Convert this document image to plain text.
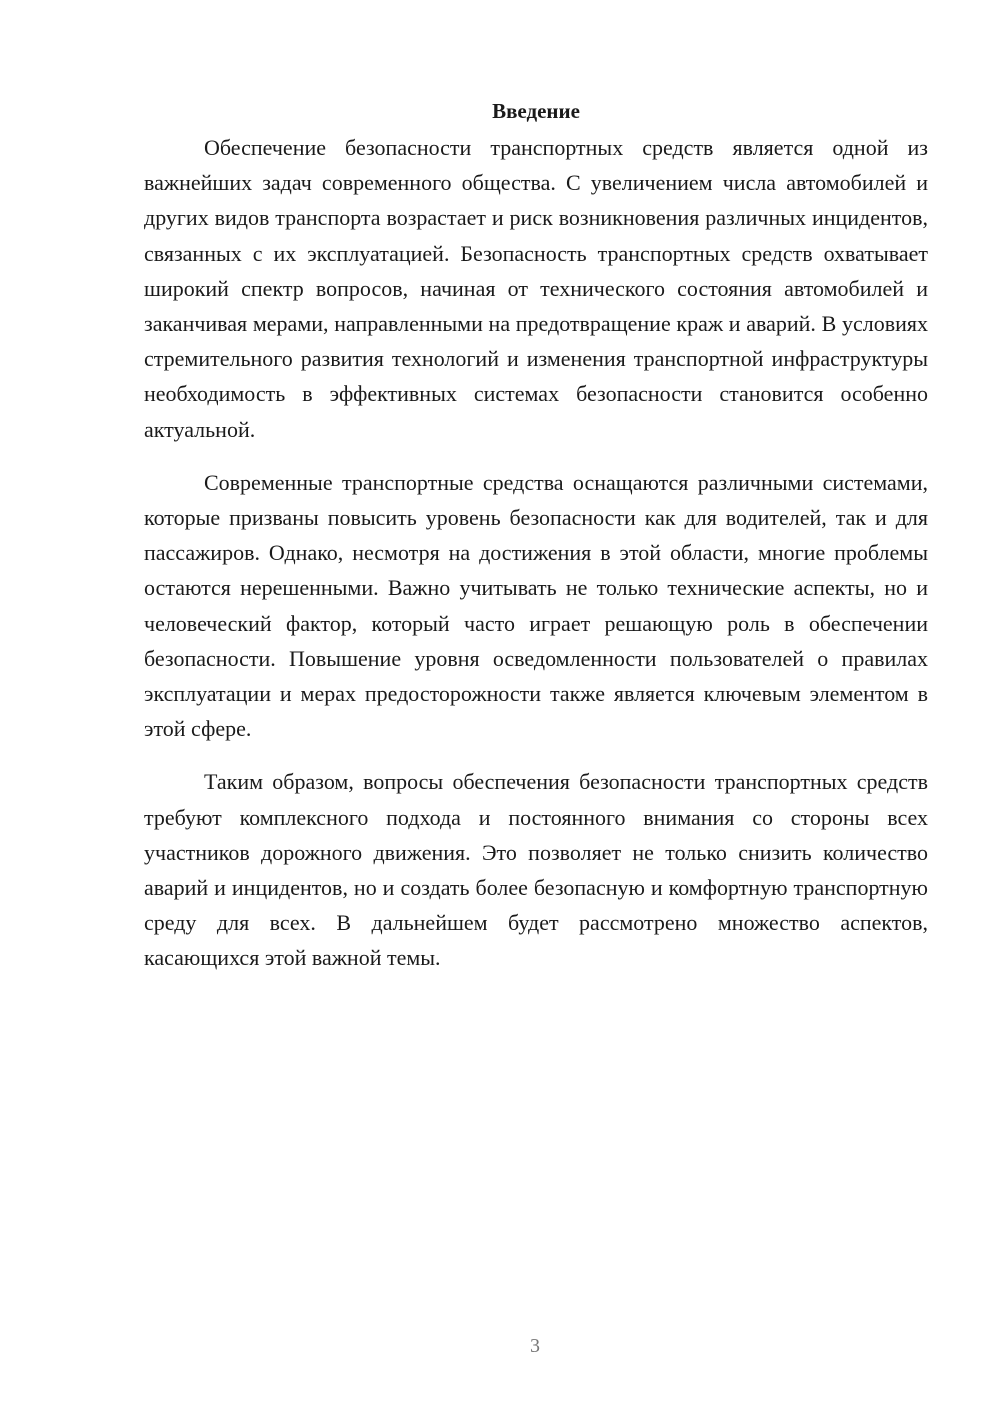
Введение

Обеспечение безопасности транспортных средств является одной из важнейших задач современного общества. С увеличением числа автомобилей и других видов транспорта возрастает и риск возникновения различных инцидентов, связанных с их эксплуатацией. Безопасность транспортных средств охватывает широкий спектр вопросов, начиная от технического состояния автомобилей и заканчивая мерами, направленными на предотвращение краж и аварий. В условиях стремительного развития технологий и изменения транспортной инфраструктуры необходимость в эффективных системах безопасности становится особенно актуальной.

Современные транспортные средства оснащаются различными системами, которые призваны повысить уровень безопасности как для водителей, так и для пассажиров. Однако, несмотря на достижения в этой области, многие проблемы остаются нерешенными. Важно учитывать не только технические аспекты, но и человеческий фактор, который часто играет решающую роль в обеспечении безопасности. Повышение уровня осведомленности пользователей о правилах эксплуатации и мерах предосторожности также является ключевым элементом в этой сфере.

Таким образом, вопросы обеспечения безопасности транспортных средств требуют комплексного подхода и постоянного внимания со стороны всех участников дорожного движения. Это позволяет не только снизить количество аварий и инцидентов, но и создать более безопасную и комфортную транспортную среду для всех. В дальнейшем будет рассмотрено множество аспектов, касающихся этой важной темы.

3
